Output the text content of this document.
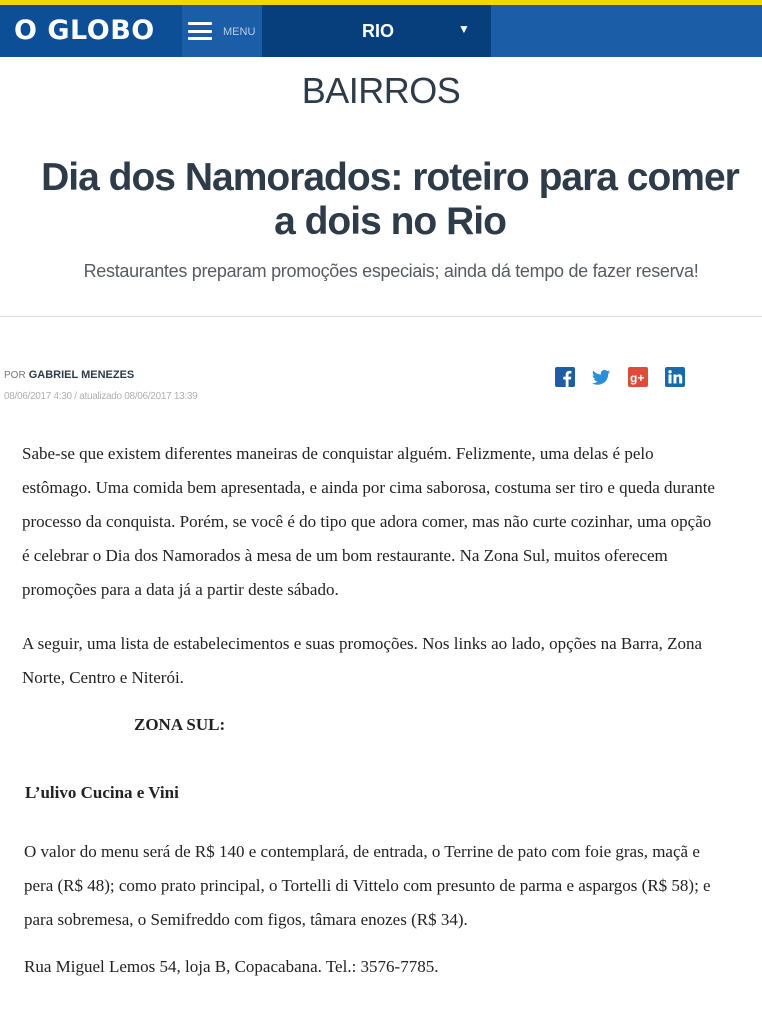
O GLOBO	MENU	RIO	▼
BAIRROS
Dia dos Namorados: roteiro para comer a dois no Rio
Restaurantes preparam promoções especiais; ainda dá tempo de fazer reserva!
POR GABRIEL MENEZES
08/06/2017 4:30 / atualizado 08/06/2017 13:39
g+

Sabe-se que existem diferentes maneiras de conquistar alguém. Felizmente, uma delas é pelo estômago. Uma comida bem apresentada, e ainda por cima saborosa, costuma ser tiro e queda durante processo da conquista. Porém, se você é do tipo que adora comer, mas não curte cozinhar, uma opção é celebrar o Dia dos Namorados à mesa de um bom restaurante. Na Zona Sul, muitos oferecem promoções para a data já a partir deste sábado.

A seguir, uma lista de estabelecimentos e suas promoções. Nos links ao lado, opções na Barra, Zona Norte, Centro e Niterói.

ZONA SUL:
L’ulivo Cucina e Vini
O valor do menu será de R$ 140 e contemplará, de entrada, o Terrine de pato com foie gras, maçã e pera (R$ 48); como prato principal, o Tortelli di Vittelo com presunto de parma e aspargos (R$ 58); e para sobremesa, o Semifreddo com figos, tâmara enozes (R$ 34).
Rua Miguel Lemos 54, loja B, Copacabana. Tel.: 3576-7785.
